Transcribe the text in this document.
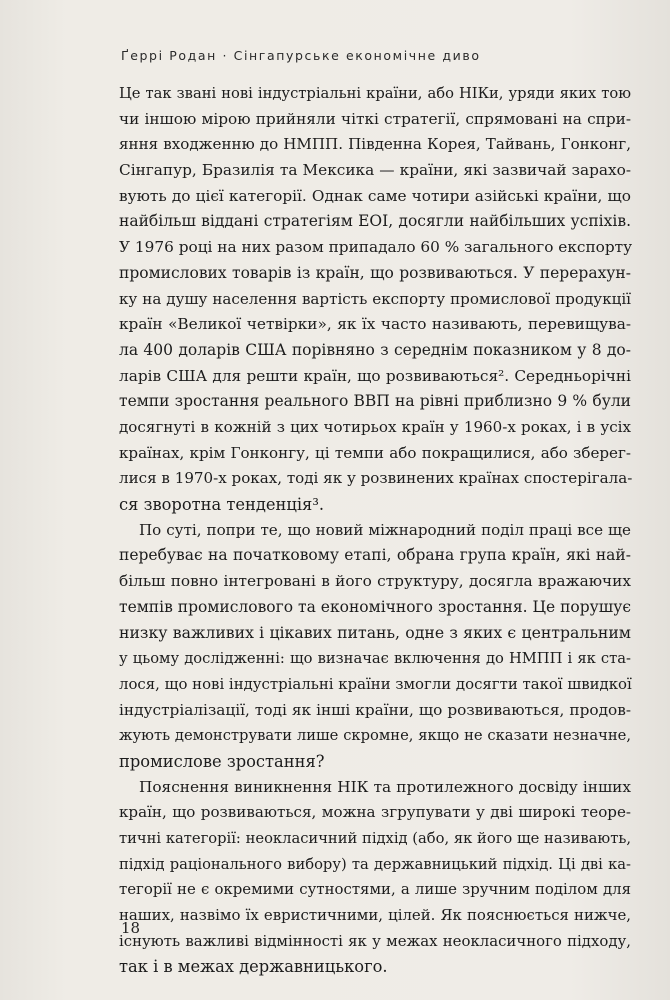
Ґеррі Родан · Сінгапурське економічне диво
Це так звані нові індустріальні країни, або НІКи, уряди яких тою
чи іншою мірою прийняли чіткі стратегії, спрямовані на спри-
яння входженню до НМПП. Південна Корея, Тайвань, Гонконг,
Сінгапур, Бразилія та Мексика — країни, які зазвичай зарахо-
вують до цієї категорії. Однак саме чотири азійські країни, що
найбільш віддані стратегіям ЕОІ, досягли найбільших успіхів.
У 1976 році на них разом припадало 60 % загального експорту
промислових товарів із країн, що розвиваються. У перерахун-
ку на душу населення вартість експорту промислової продукції
країн «Великої четвірки», як їх часто називають, перевищува-
ла 400 доларів США порівняно з середнім показником у 8 до-
ларів США для решти країн, що розвиваються². Середньорічні
темпи зростання реального ВВП на рівні приблизно 9 % були
досягнуті в кожній з цих чотирьох країн у 1960-х роках, і в усіх
країнах, крім Гонконгу, ці темпи або покращилися, або зберег-
лися в 1970-х роках, тоді як у розвинених країнах спостерігала-
ся зворотна тенденція³.
По суті, попри те, що новий міжнародний поділ праці все ще
перебуває на початковому етапі, обрана група країн, які най-
більш повно інтегровані в його структуру, досягла вражаючих
темпів промислового та економічного зростання. Це порушує
низку важливих і цікавих питань, одне з яких є центральним
у цьому дослідженні: що визначає включення до НМПП і як ста-
лося, що нові індустріальні країни змогли досягти такої швидкої
індустріалізації, тоді як інші країни, що розвиваються, продов-
жують демонструвати лише скромне, якщо не сказати незначне,
промислове зростання?
Пояснення виникнення НІК та протилежного досвіду інших
країн, що розвиваються, можна згрупувати у дві широкі теоре-
тичні категорії: неокласичний підхід (або, як його ще називають,
підхід раціонального вибору) та державницький підхід. Ці дві ка-
тегорії не є окремими сутностями, а лише зручним поділом для
наших, назвімо їх евристичними, цілей. Як пояснюється нижче,
існують важливі відмінності як у межах неокласичного підходу,
так і в межах державницького.
18
